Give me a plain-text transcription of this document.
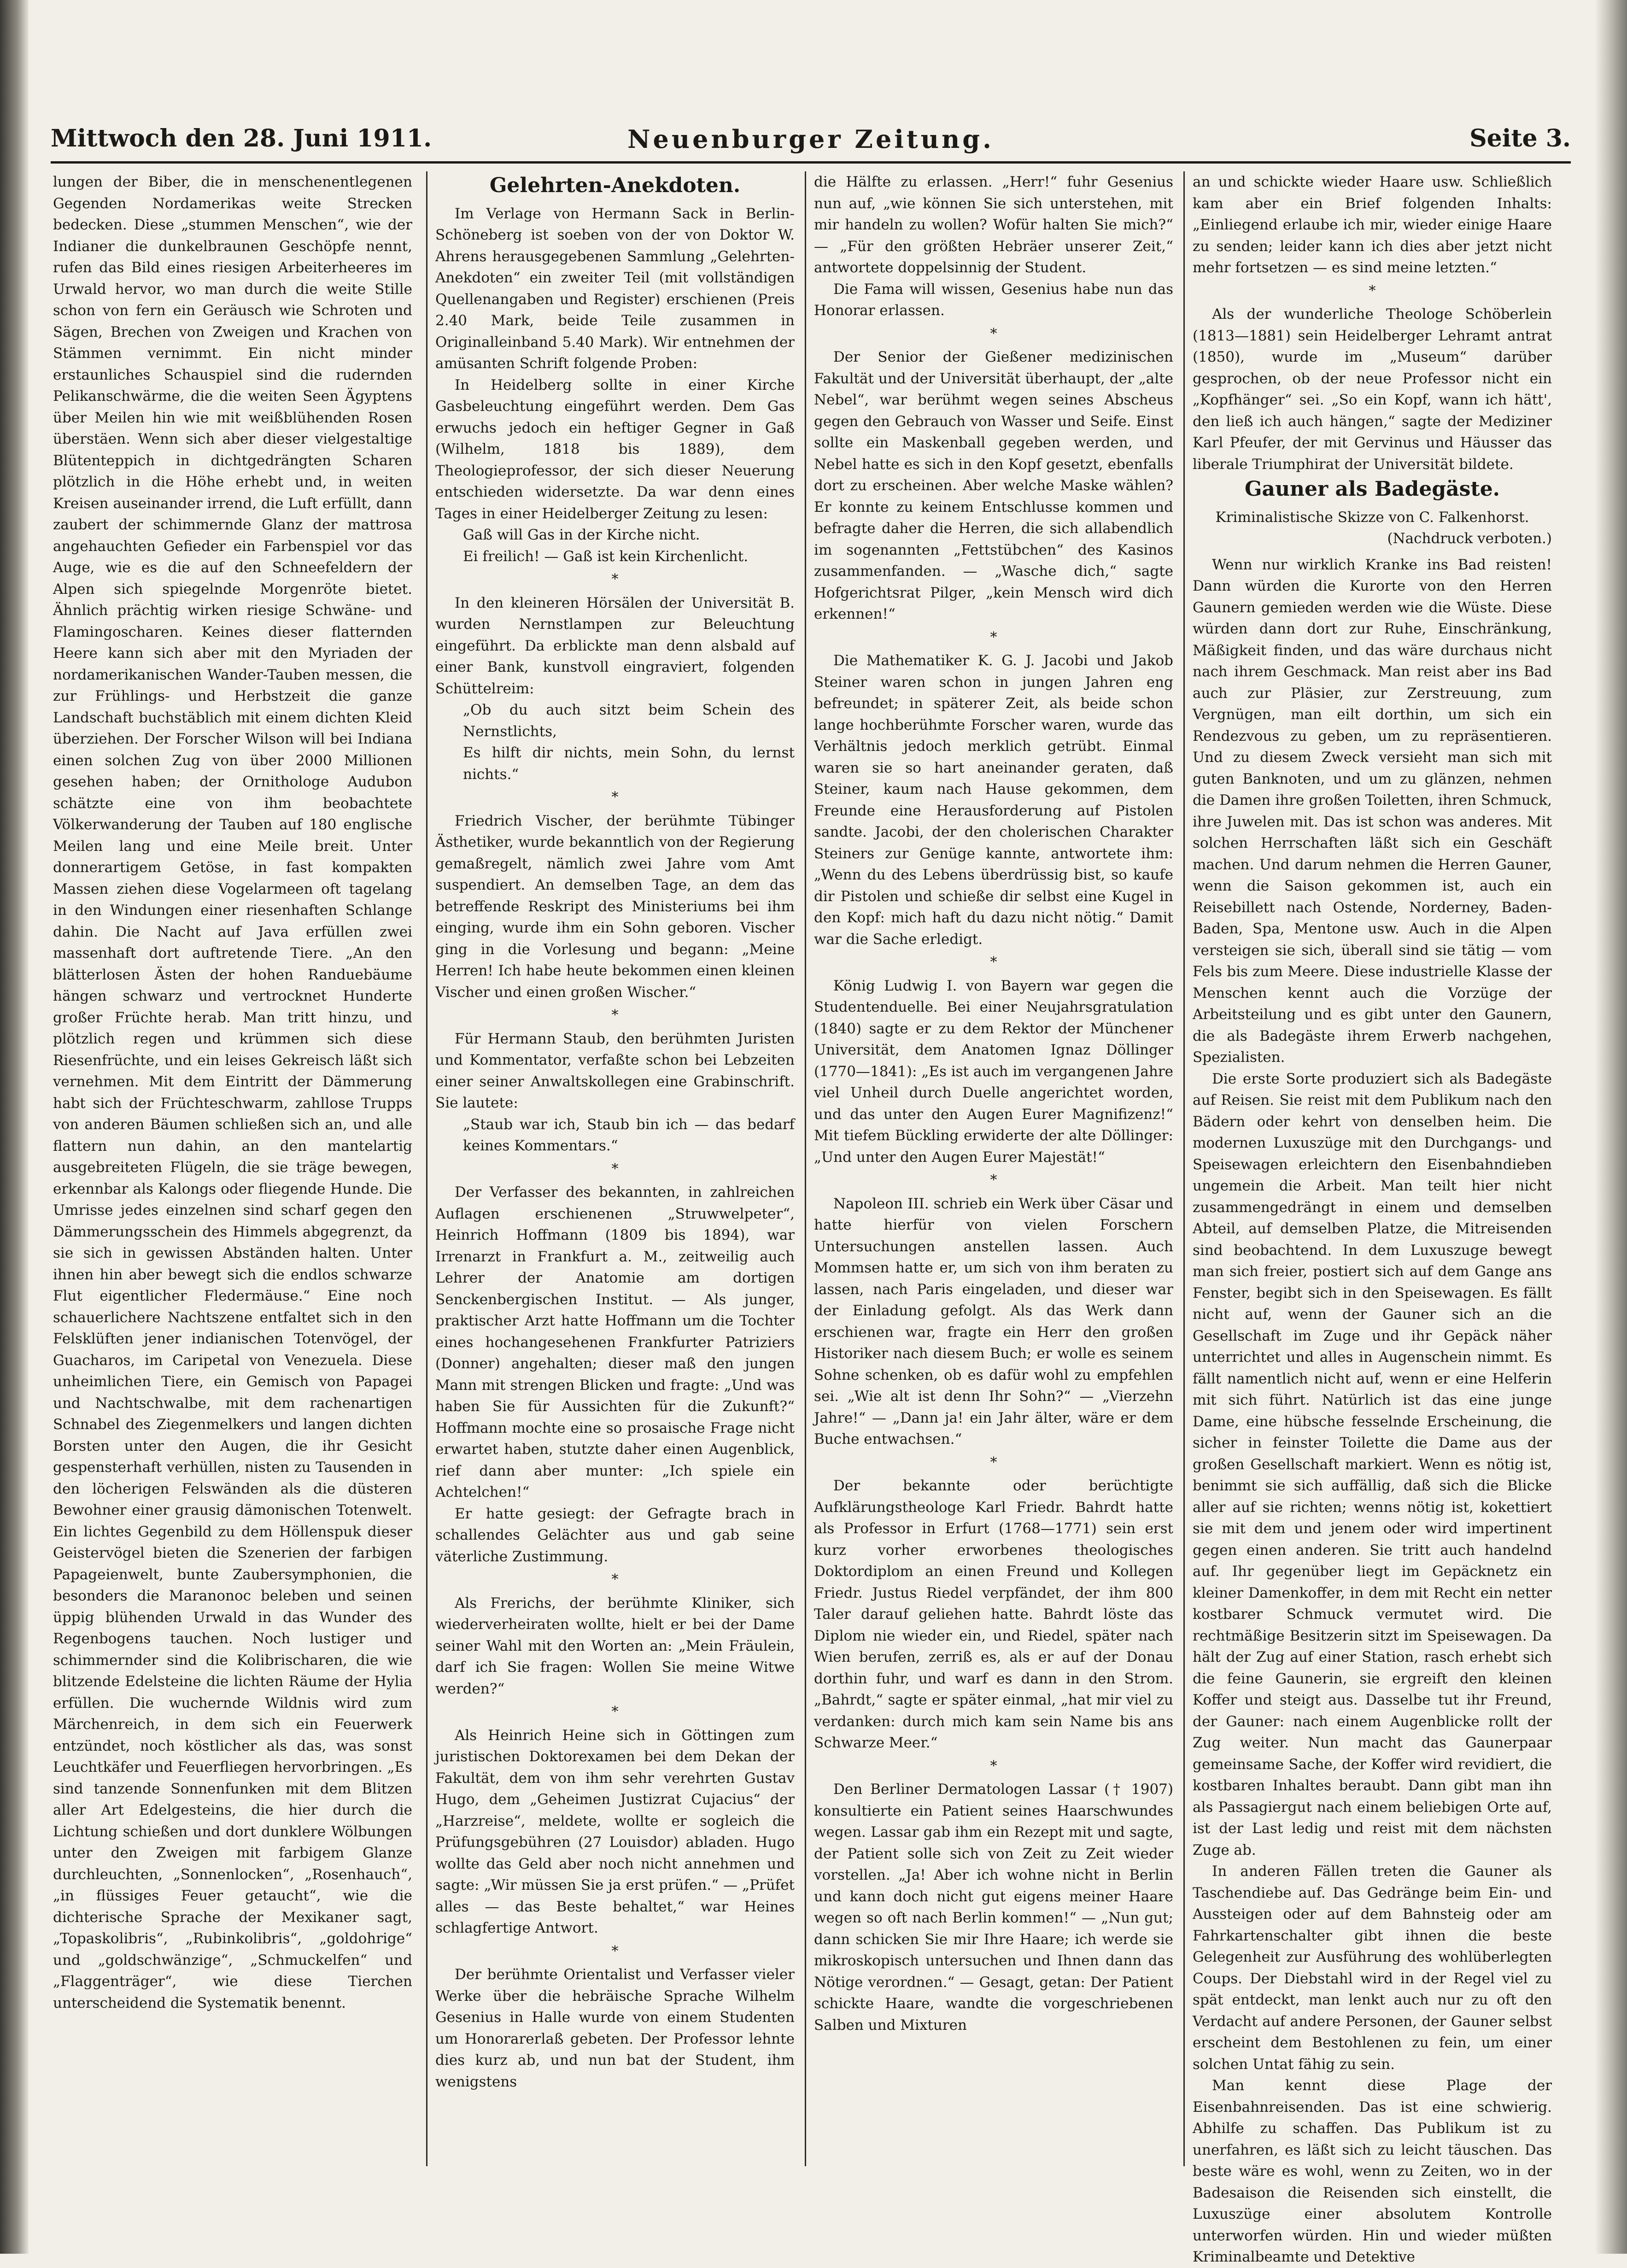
Neuenburger Zeitung.
Mittwoch den 28. Juni 1911.	Seite 3.

lungen der Biber, die in menschenentlegenen Gegenden Nordamerikas weite Strecken bedecken. Diese „stummen Menschen“, wie der Indianer die dunkelbraunen Geschöpfe nennt, rufen das Bild eines riesigen Arbeiterheeres im Urwald hervor, wo man durch die weite Stille schon von fern ein Geräusch wie Schroten und Sägen, Brechen von Zweigen und Krachen von Stämmen vernimmt. Ein nicht minder erstaunliches Schauspiel sind die rudernden Pelikanschwärme, die die weiten Seen Ägyptens über Meilen hin wie mit weißblühenden Rosen überstäen. Wenn sich aber dieser vielgestaltige Blütenteppich in dichtgedrängten Scharen plötzlich in die Höhe erhebt und, in weiten Kreisen auseinander irrend, die Luft erfüllt, dann zaubert der schimmernde Glanz der mattrosa angehauchten Gefieder ein Farbenspiel vor das Auge, wie es die auf den Schneefeldern der Alpen sich spiegelnde Morgenröte bietet. Ähnlich prächtig wirken riesige Schwäne- und Flamingoscharen. Keines dieser flatternden Heere kann sich aber mit den Myriaden der nordamerikanischen Wander-Tauben messen, die zur Frühlings- und Herbstzeit die ganze Landschaft buchstäblich mit einem dichten Kleid überziehen. Der Forscher Wilson will bei Indiana einen solchen Zug von über 2000 Millionen gesehen haben; der Ornithologe Audubon schätzte eine von ihm beobachtete Völkerwanderung der Tauben auf 180 englische Meilen lang und eine Meile breit. Unter donnerartigem Getöse, in fast kompakten Massen ziehen diese Vogelarmeen oft tagelang in den Windungen einer riesenhaften Schlange dahin. Die Nacht auf Java erfüllen zwei massenhaft dort auftretende Tiere. „An den blätterlosen Ästen der hohen Randuebäume hängen schwarz und vertrocknet Hunderte großer Früchte herab. Man tritt hinzu, und plötzlich regen und krümmen sich diese Riesenfrüchte, und ein leises Gekreisch läßt sich vernehmen. Mit dem Eintritt der Dämmerung habt sich der Früchteschwarm, zahllose Trupps von anderen Bäumen schließen sich an, und alle flattern nun dahin, an den mantelartig ausgebreiteten Flügeln, die sie träge bewegen, erkennbar als Kalongs oder fliegende Hunde. Die Umrisse jedes einzelnen sind scharf gegen den Dämmerungsschein des Himmels abgegrenzt, da sie sich in gewissen Abständen halten. Unter ihnen hin aber bewegt sich die endlos schwarze Flut eigentlicher Fledermäuse.“ Eine noch schauerlichere Nachtszene entfaltet sich in den Felsklüften jener indianischen Totenvögel, der Guacharos, im Caripetal von Venezuela. Diese unheimlichen Tiere, ein Gemisch von Papagei und Nachtschwalbe, mit dem rachenartigen Schnabel des Ziegenmelkers und langen dichten Borsten unter den Augen, die ihr Gesicht gespensterhaft verhüllen, nisten zu Tausenden in den löcherigen Felswänden als die düsteren Bewohner einer grausig dämonischen Totenwelt. Ein lichtes Gegenbild zu dem Höllenspuk dieser Geistervögel bieten die Szenerien der farbigen Papageienwelt, bunte Zaubersymphonien, die besonders die Maranonoc beleben und seinen üppig blühenden Urwald in das Wunder des Regenbogens tauchen. Noch lustiger und schimmernder sind die Kolibrischaren, die wie blitzende Edelsteine die lichten Räume der Hylia erfüllen. Die wuchernde Wildnis wird zum Märchenreich, in dem sich ein Feuerwerk entzündet, noch köstlicher als das, was sonst Leuchtkäfer und Feuerfliegen hervorbringen. „Es sind tanzende Sonnenfunken mit dem Blitzen aller Art Edelgesteins, die hier durch die Lichtung schießen und dort dunklere Wölbungen unter den Zweigen mit farbigem Glanze durchleuchten, „Sonnenlocken“, „Rosenhauch“, „in flüssiges Feuer getaucht“, wie die dichterische Sprache der Mexikaner sagt, „Topaskolibris“, „Rubinkolibris“, „goldohrige“ und „goldschwänzige“, „Schmuckelfen“ und „Flaggenträger“, wie diese Tierchen unterscheidend die Systematik benennt.

Gelehrten-Anekdoten.

Im Verlage von Hermann Sack in Berlin-Schöneberg ist soeben von der von Doktor W. Ahrens herausgegebenen Sammlung „Gelehrten-Anekdoten“ ein zweiter Teil (mit vollständigen Quellenangaben und Register) erschienen (Preis 2.40 Mark, beide Teile zusammen in Originalleinband 5.40 Mark). Wir entnehmen der amüsanten Schrift folgende Proben:

In Heidelberg sollte in einer Kirche Gasbeleuchtung eingeführt werden. Dem Gas erwuchs jedoch ein heftiger Gegner in Gaß (Wilhelm, 1818 bis 1889), dem Theologieprofessor, der sich dieser Neuerung entschieden widersetzte. Da war denn eines Tages in einer Heidelberger Zeitung zu lesen:

Gaß will Gas in der Kirche nicht.

Ei freilich! — Gaß ist kein Kirchenlicht.

*

In den kleineren Hörsälen der Universität B. wurden Nernstlampen zur Beleuchtung eingeführt. Da erblickte man denn alsbald auf einer Bank, kunstvoll eingraviert, folgenden Schüttelreim:

„Ob du auch sitzt beim Schein des Nernstlichts,

Es hilft dir nichts, mein Sohn, du lernst nichts.“

*

Friedrich Vischer, der berühmte Tübinger Ästhetiker, wurde bekanntlich von der Regierung gemaßregelt, nämlich zwei Jahre vom Amt suspendiert. An demselben Tage, an dem das betreffende Reskript des Ministeriums bei ihm einging, wurde ihm ein Sohn geboren. Vischer ging in die Vorlesung und begann: „Meine Herren! Ich habe heute bekommen einen kleinen Vischer und einen großen Wischer.“

*

Für Hermann Staub, den berühmten Juristen und Kommentator, verfaßte schon bei Lebzeiten einer seiner Anwaltskollegen eine Grabinschrift. Sie lautete:

„Staub war ich, Staub bin ich — das bedarf keines Kommentars.“

*

Der Verfasser des bekannten, in zahlreichen Auflagen erschienenen „Struwwelpeter“, Heinrich Hoffmann (1809 bis 1894), war Irrenarzt in Frankfurt a. M., zeitweilig auch Lehrer der Anatomie am dortigen Senckenbergischen Institut. — Als junger, praktischer Arzt hatte Hoffmann um die Tochter eines hochangesehenen Frankfurter Patriziers (Donner) angehalten; dieser maß den jungen Mann mit strengen Blicken und fragte: „Und was haben Sie für Aussichten für die Zukunft?“ Hoffmann mochte eine so prosaische Frage nicht erwartet haben, stutzte daher einen Augenblick, rief dann aber munter: „Ich spiele ein Achtelchen!“

Er hatte gesiegt: der Gefragte brach in schallendes Gelächter aus und gab seine väterliche Zustimmung.

*

Als Frerichs, der berühmte Kliniker, sich wiederverheiraten wollte, hielt er bei der Dame seiner Wahl mit den Worten an: „Mein Fräulein, darf ich Sie fragen: Wollen Sie meine Witwe werden?“

*

Als Heinrich Heine sich in Göttingen zum juristischen Doktorexamen bei dem Dekan der Fakultät, dem von ihm sehr verehrten Gustav Hugo, dem „Geheimen Justizrat Cujacius“ der „Harzreise“, meldete, wollte er sogleich die Prüfungsgebühren (27 Louisdor) abladen. Hugo wollte das Geld aber noch nicht annehmen und sagte: „Wir müssen Sie ja erst prüfen.“ — „Prüfet alles — das Beste behaltet,“ war Heines schlagfertige Antwort.

*

Der berühmte Orientalist und Verfasser vieler Werke über die hebräische Sprache Wilhelm Gesenius in Halle wurde von einem Studenten um Honorarerlaß gebeten. Der Professor lehnte dies kurz ab, und nun bat der Student, ihm wenigstens

die Hälfte zu erlassen. „Herr!“ fuhr Gesenius nun auf, „wie können Sie sich unterstehen, mit mir handeln zu wollen? Wofür halten Sie mich?“ — „Für den größten Hebräer unserer Zeit,“ antwortete doppelsinnig der Student.

Die Fama will wissen, Gesenius habe nun das Honorar erlassen.

*

Der Senior der Gießener medizinischen Fakultät und der Universität überhaupt, der „alte Nebel“, war berühmt wegen seines Abscheus gegen den Gebrauch von Wasser und Seife. Einst sollte ein Maskenball gegeben werden, und Nebel hatte es sich in den Kopf gesetzt, ebenfalls dort zu erscheinen. Aber welche Maske wählen? Er konnte zu keinem Entschlusse kommen und befragte daher die Herren, die sich allabendlich im sogenannten „Fettstübchen“ des Kasinos zusammenfanden. — „Wasche dich,“ sagte Hofgerichtsrat Pilger, „kein Mensch wird dich erkennen!“

*

Die Mathematiker K. G. J. Jacobi und Jakob Steiner waren schon in jungen Jahren eng befreundet; in späterer Zeit, als beide schon lange hochberühmte Forscher waren, wurde das Verhältnis jedoch merklich getrübt. Einmal waren sie so hart aneinander geraten, daß Steiner, kaum nach Hause gekommen, dem Freunde eine Herausforderung auf Pistolen sandte. Jacobi, der den cholerischen Charakter Steiners zur Genüge kannte, antwortete ihm: „Wenn du des Lebens überdrüssig bist, so kaufe dir Pistolen und schieße dir selbst eine Kugel in den Kopf: mich haft du dazu nicht nötig.“ Damit war die Sache erledigt.

*

König Ludwig I. von Bayern war gegen die Studentenduelle. Bei einer Neujahrsgratulation (1840) sagte er zu dem Rektor der Münchener Universität, dem Anatomen Ignaz Döllinger (1770—1841): „Es ist auch im vergangenen Jahre viel Unheil durch Duelle angerichtet worden, und das unter den Augen Eurer Magnifizenz!“ Mit tiefem Bückling erwiderte der alte Döllinger: „Und unter den Augen Eurer Majestät!“

*

Napoleon III. schrieb ein Werk über Cäsar und hatte hierfür von vielen Forschern Untersuchungen anstellen lassen. Auch Mommsen hatte er, um sich von ihm beraten zu lassen, nach Paris eingeladen, und dieser war der Einladung gefolgt. Als das Werk dann erschienen war, fragte ein Herr den großen Historiker nach diesem Buch; er wolle es seinem Sohne schenken, ob es dafür wohl zu empfehlen sei. „Wie alt ist denn Ihr Sohn?“ — „Vierzehn Jahre!“ — „Dann ja! ein Jahr älter, wäre er dem Buche entwachsen.“

*

Der bekannte oder berüchtigte Aufklärungstheologe Karl Friedr. Bahrdt hatte als Professor in Erfurt (1768—1771) sein erst kurz vorher erworbenes theologisches Doktordiplom an einen Freund und Kollegen Friedr. Justus Riedel verpfändet, der ihm 800 Taler darauf geliehen hatte. Bahrdt löste das Diplom nie wieder ein, und Riedel, später nach Wien berufen, zerriß es, als er auf der Donau dorthin fuhr, und warf es dann in den Strom. „Bahrdt,“ sagte er später einmal, „hat mir viel zu verdanken: durch mich kam sein Name bis ans Schwarze Meer.“

*

Den Berliner Dermatologen Lassar († 1907) konsultierte ein Patient seines Haarschwundes wegen. Lassar gab ihm ein Rezept mit und sagte, der Patient solle sich von Zeit zu Zeit wieder vorstellen. „Ja! Aber ich wohne nicht in Berlin und kann doch nicht gut eigens meiner Haare wegen so oft nach Berlin kommen!“ — „Nun gut; dann schicken Sie mir Ihre Haare; ich werde sie mikroskopisch untersuchen und Ihnen dann das Nötige verordnen.“ — Gesagt, getan: Der Patient schickte Haare, wandte die vorgeschriebenen Salben und Mixturen

an und schickte wieder Haare usw. Schließlich kam aber ein Brief folgenden Inhalts: „Einliegend erlaube ich mir, wieder einige Haare zu senden; leider kann ich dies aber jetzt nicht mehr fortsetzen — es sind meine letzten.“

*

Als der wunderliche Theologe Schöberlein (1813—1881) sein Heidelberger Lehramt antrat (1850), wurde im „Museum“ darüber gesprochen, ob der neue Professor nicht ein „Kopfhänger“ sei. „So ein Kopf, wann ich hätt', den ließ ich auch hängen,“ sagte der Mediziner Karl Pfeufer, der mit Gervinus und Häusser das liberale Triumphirat der Universität bildete.

Gauner als Badegäste.

Kriminalistische Skizze von C. Falkenhorst.

(Nachdruck verboten.)

Wenn nur wirklich Kranke ins Bad reisten! Dann würden die Kurorte von den Herren Gaunern gemieden werden wie die Wüste. Diese würden dann dort zur Ruhe, Einschränkung, Mäßigkeit finden, und das wäre durchaus nicht nach ihrem Geschmack. Man reist aber ins Bad auch zur Pläsier, zur Zerstreuung, zum Vergnügen, man eilt dorthin, um sich ein Rendezvous zu geben, um zu repräsentieren. Und zu diesem Zweck versieht man sich mit guten Banknoten, und um zu glänzen, nehmen die Damen ihre großen Toiletten, ihren Schmuck, ihre Juwelen mit. Das ist schon was anderes. Mit solchen Herrschaften läßt sich ein Geschäft machen. Und darum nehmen die Herren Gauner, wenn die Saison gekommen ist, auch ein Reisebillett nach Ostende, Norderney, Baden-Baden, Spa, Mentone usw. Auch in die Alpen versteigen sie sich, überall sind sie tätig — vom Fels bis zum Meere. Diese industrielle Klasse der Menschen kennt auch die Vorzüge der Arbeitsteilung und es gibt unter den Gaunern, die als Badegäste ihrem Erwerb nachgehen, Spezialisten.

Die erste Sorte produziert sich als Badegäste auf Reisen. Sie reist mit dem Publikum nach den Bädern oder kehrt von denselben heim. Die modernen Luxuszüge mit den Durchgangs- und Speisewagen erleichtern den Eisenbahndieben ungemein die Arbeit. Man teilt hier nicht zusammengedrängt in einem und demselben Abteil, auf demselben Platze, die Mitreisenden sind beobachtend. In dem Luxuszuge bewegt man sich freier, postiert sich auf dem Gange ans Fenster, begibt sich in den Speisewagen. Es fällt nicht auf, wenn der Gauner sich an die Gesellschaft im Zuge und ihr Gepäck näher unterrichtet und alles in Augenschein nimmt. Es fällt namentlich nicht auf, wenn er eine Helferin mit sich führt. Natürlich ist das eine junge Dame, eine hübsche fesselnde Erscheinung, die sicher in feinster Toilette die Dame aus der großen Gesellschaft markiert. Wenn es nötig ist, benimmt sie sich auffällig, daß sich die Blicke aller auf sie richten; wenns nötig ist, kokettiert sie mit dem und jenem oder wird impertinent gegen einen anderen. Sie tritt auch handelnd auf. Ihr gegenüber liegt im Gepäcknetz ein kleiner Damenkoffer, in dem mit Recht ein netter kostbarer Schmuck vermutet wird. Die rechtmäßige Besitzerin sitzt im Speisewagen. Da hält der Zug auf einer Station, rasch erhebt sich die feine Gaunerin, sie ergreift den kleinen Koffer und steigt aus. Dasselbe tut ihr Freund, der Gauner: nach einem Augenblicke rollt der Zug weiter. Nun macht das Gaunerpaar gemeinsame Sache, der Koffer wird revidiert, die kostbaren Inhaltes beraubt. Dann gibt man ihn als Passagiergut nach einem beliebigen Orte auf, ist der Last ledig und reist mit dem nächsten Zuge ab.

In anderen Fällen treten die Gauner als Taschendiebe auf. Das Gedränge beim Ein- und Aussteigen oder auf dem Bahnsteig oder am Fahrkartenschalter gibt ihnen die beste Gelegenheit zur Ausführung des wohlüberlegten Coups. Der Diebstahl wird in der Regel viel zu spät entdeckt, man lenkt auch nur zu oft den Verdacht auf andere Personen, der Gauner selbst erscheint dem Bestohlenen zu fein, um einer solchen Untat fähig zu sein.

Man kennt diese Plage der Eisenbahnreisenden. Das ist eine schwierig. Abhilfe zu schaffen. Das Publikum ist zu unerfahren, es läßt sich zu leicht täuschen. Das beste wäre es wohl, wenn zu Zeiten, wo in der Badesaison die Reisenden sich einstellt, die Luxuszüge einer absolutem Kontrolle unterworfen würden. Hin und wieder müßten Kriminalbeamte und Detektive
